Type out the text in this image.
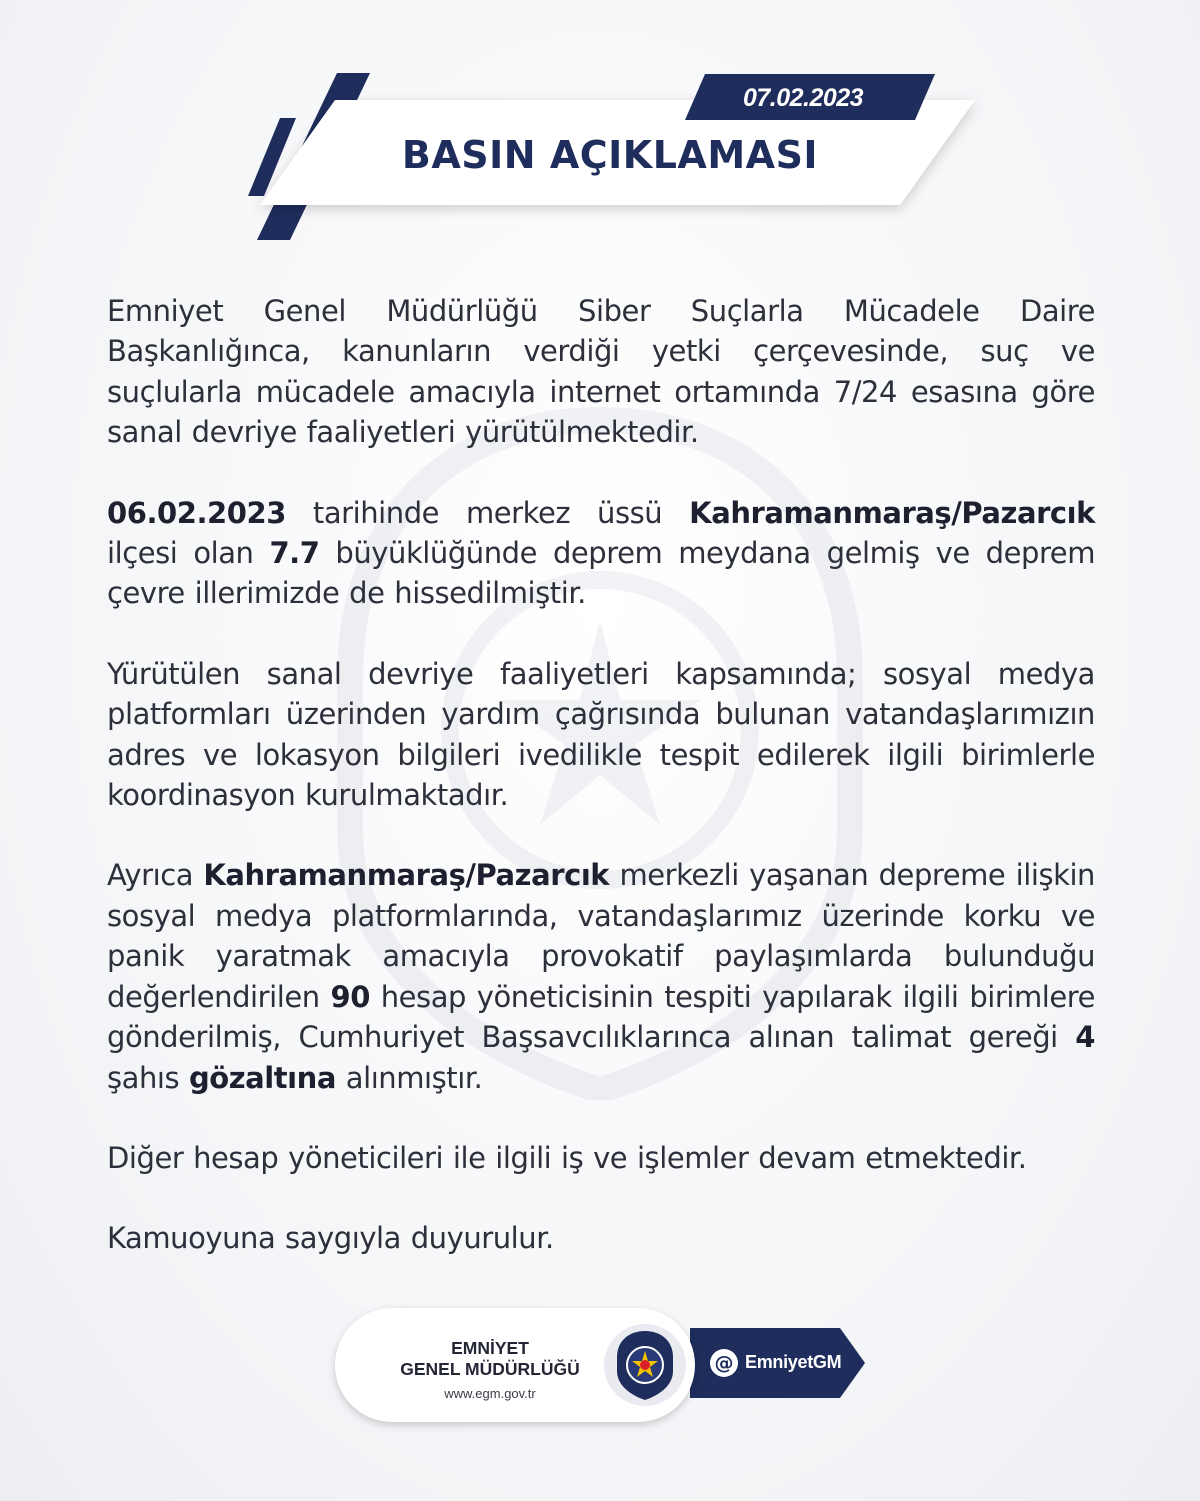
07.02.2023
BASIN AÇIKLAMASI

Emniyet Genel Müdürlüğü Siber Suçlarla Mücadele Daire Başkanlığınca, kanunların verdiği yetki çerçevesinde, suç ve suçlularla mücadele amacıyla internet ortamında 7/24 esasına göre sanal devriye faaliyetleri yürütülmektedir.

06.02.2023 tarihinde merkez üssü Kahramanmaraş/Pazarcık ilçesi olan 7.7 büyüklüğünde deprem meydana gelmiş ve deprem çevre illerimizde de hissedilmiştir.

Yürütülen sanal devriye faaliyetleri kapsamında; sosyal medya platformları üzerinden yardım çağrısında bulunan vatandaşlarımızın adres ve lokasyon bilgileri ivedilikle tespit edilerek ilgili birimlerle koordinasyon kurulmaktadır.

Ayrıca Kahramanmaraş/Pazarcık merkezli yaşanan depreme ilişkin sosyal medya platformlarında, vatandaşlarımız üzerinde korku ve panik yaratmak amacıyla provokatif paylaşımlarda bulunduğu değerlendirilen 90 hesap yöneticisinin tespiti yapılarak ilgili birimlere gönderilmiş, Cumhuriyet Başsavcılıklarınca alınan talimat gereği 4 şahıs gözaltına alınmıştır.

Diğer hesap yöneticileri ile ilgili iş ve işlemler devam etmektedir.

Kamuoyuna saygıyla duyurulur.

@ EmniyetGM
EMNİYET
GENEL MÜDÜRLÜĞÜ
www.egm.gov.tr
